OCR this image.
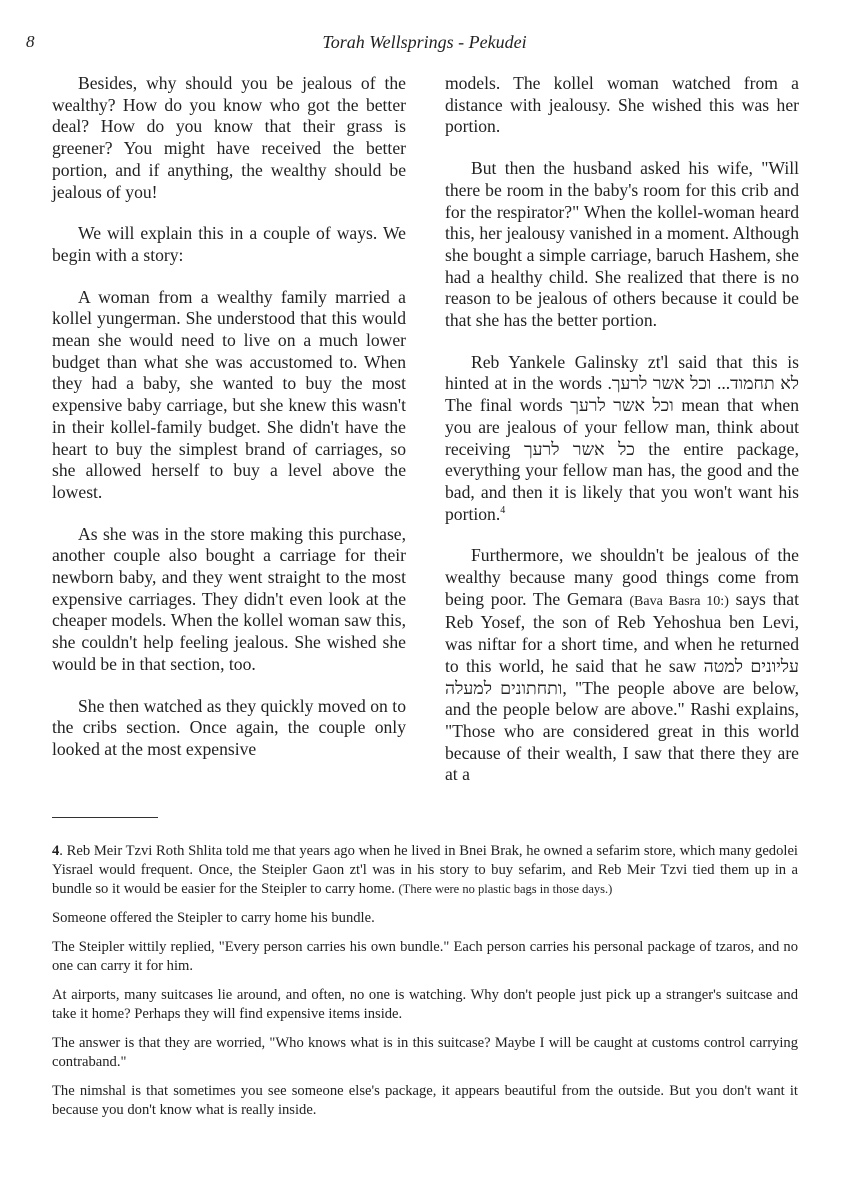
8	Torah Wellsprings - Pekudei

Besides, why should you be jealous of the wealthy? How do you know who got the better deal? How do you know that their grass is greener? You might have received the better portion, and if anything, the wealthy should be jealous of you!

We will explain this in a couple of ways. We begin with a story:

A woman from a wealthy family married a kollel yungerman. She understood that this would mean she would need to live on a much lower budget than what she was accustomed to. When they had a baby, she wanted to buy the most expensive baby carriage, but she knew this wasn't in their kollel-family budget. She didn't have the heart to buy the simplest brand of carriages, so she allowed herself to buy a level above the lowest.

As she was in the store making this purchase, another couple also bought a carriage for their newborn baby, and they went straight to the most expensive carriages. They didn't even look at the cheaper models. When the kollel woman saw this, she couldn't help feeling jealous. She wished she would be in that section, too.

She then watched as they quickly moved on to the cribs section. Once again, the couple only looked at the most expensive

models. The kollel woman watched from a distance with jealousy. She wished this was her portion.

But then the husband asked his wife, "Will there be room in the baby's room for this crib and for the respirator?" When the kollel-woman heard this, her jealousy vanished in a moment. Although she bought a simple carriage, baruch Hashem, she had a healthy child. She realized that there is no reason to be jealous of others because it could be that she has the better portion.

Reb Yankele Galinsky zt'l said that this is hinted at in the words לא תחמוד... וכל אשר לרעך. The final words וכל אשר לרעך mean that when you are jealous of your fellow man, think about receiving כל אשר לרעך the entire package, everything your fellow man has, the good and the bad, and then it is likely that you won't want his portion.$^4$

Furthermore, we shouldn't be jealous of the wealthy because many good things come from being poor. The Gemara (Bava Basra 10:) says that Reb Yosef, the son of Reb Yehoshua ben Levi, was niftar for a short time, and when he returned to this world, he said that he saw עליונים למטה ותחתונים למעלה, "The people above are below, and the people below are above." Rashi explains, "Those who are considered great in this world because of their wealth, I saw that there they are at a

4. Reb Meir Tzvi Roth Shlita told me that years ago when he lived in Bnei Brak, he owned a sefarim store, which many gedolei Yisrael would frequent. Once, the Steipler Gaon zt'l was in his story to buy sefarim, and Reb Meir Tzvi tied them up in a bundle so it would be easier for the Steipler to carry home. (There were no plastic bags in those days.)

Someone offered the Steipler to carry home his bundle.

The Steipler wittily replied, "Every person carries his own bundle." Each person carries his personal package of tzaros, and no one can carry it for him.

At airports, many suitcases lie around, and often, no one is watching. Why don't people just pick up a stranger's suitcase and take it home? Perhaps they will find expensive items inside.

The answer is that they are worried, "Who knows what is in this suitcase? Maybe I will be caught at customs control carrying contraband."

The nimshal is that sometimes you see someone else's package, it appears beautiful from the outside. But you don't want it because you don't know what is really inside.
